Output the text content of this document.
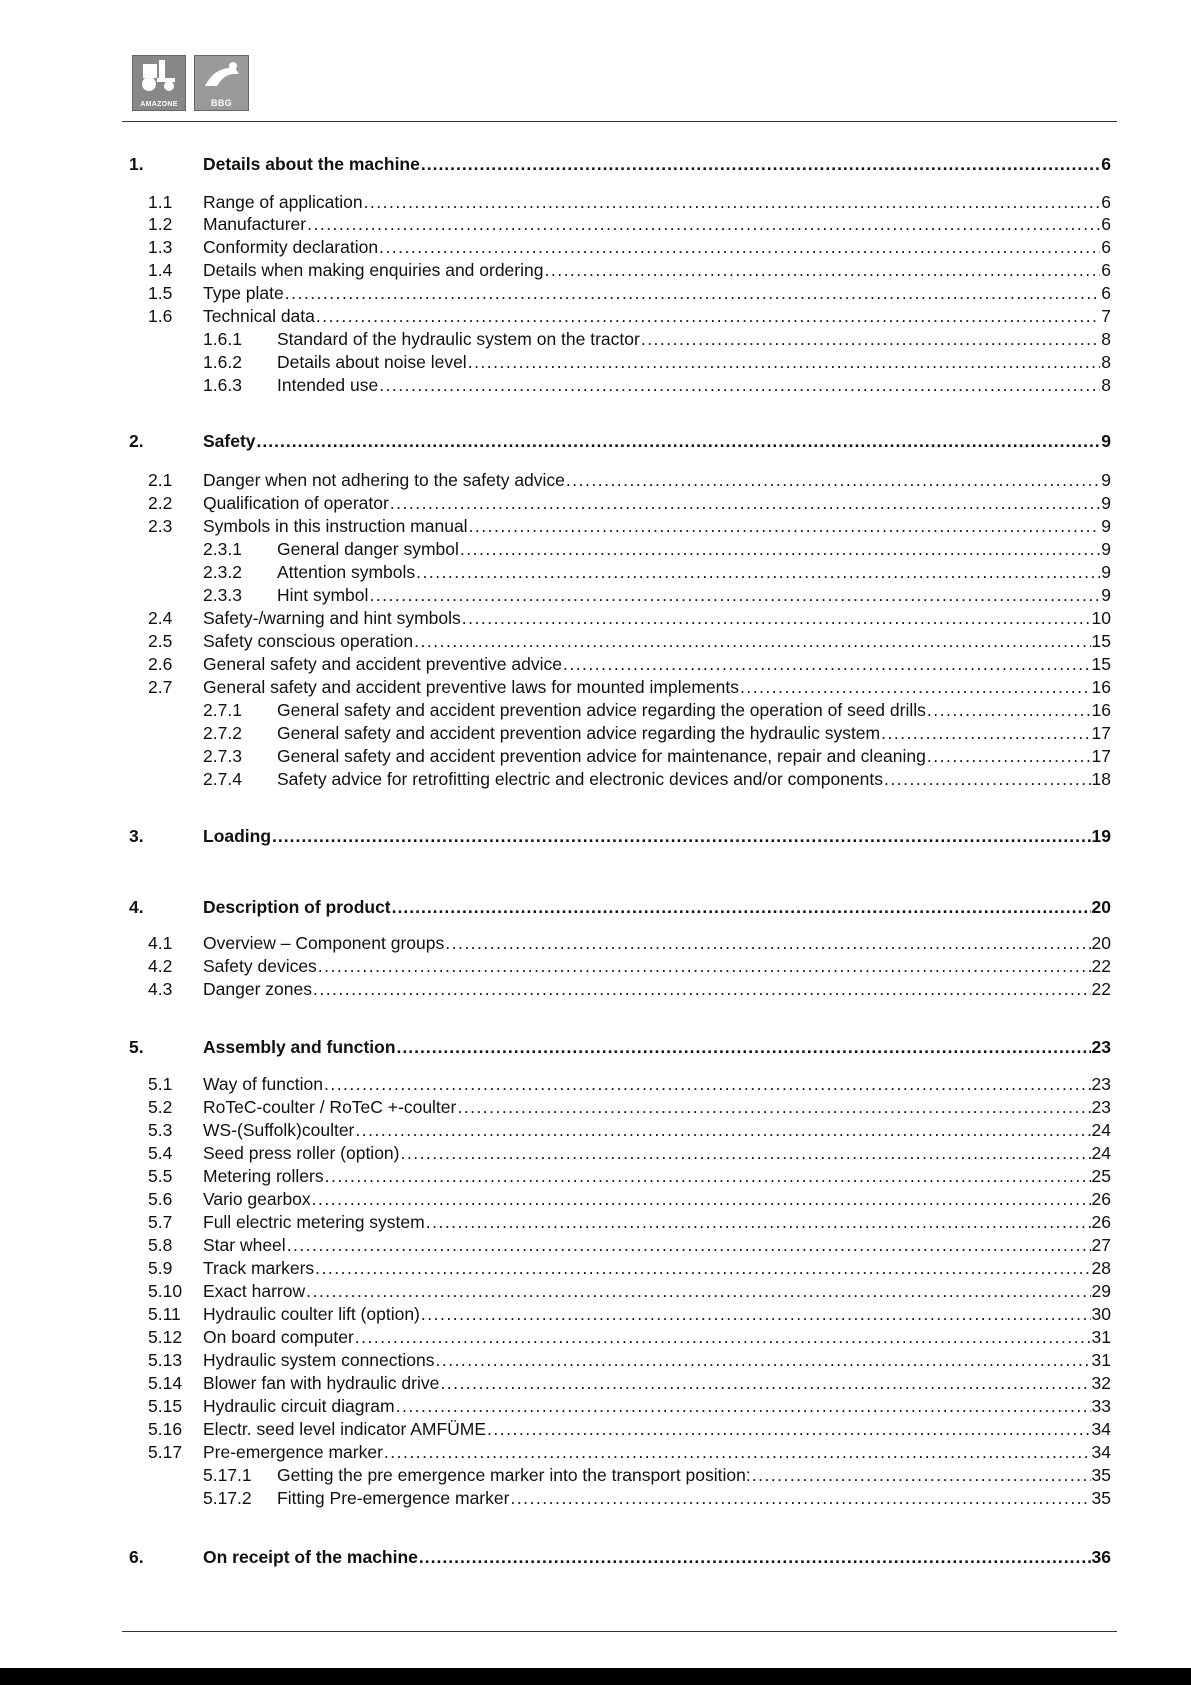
AMAZONE	BBG
1.	Details about the machine .....	6
1.1 Range of application .....	6
1.2 Manufacturer .....	6
1.3 Conformity declaration .....	6
1.4 Details when making enquiries and ordering .....	6
1.5 Type plate .....	6
1.6 Technical data .....	7
1.6.1 Standard of the hydraulic system on the tractor .....	8
1.6.2 Details about noise level .....	8
1.6.3 Intended use .....	8
2.	Safety .....	9
2.1 Danger when not adhering to the safety advice .....	9
2.2 Qualification of operator .....	9
2.3 Symbols in this instruction manual .....	9
2.3.1 General danger symbol .....	9
2.3.2 Attention symbols .....	9
2.3.3 Hint symbol .....	9
2.4 Safety-/warning and hint symbols .....	10
2.5 Safety conscious operation .....	15
2.6 General safety and accident preventive advice .....	15
2.7 General safety and accident preventive laws for mounted implements .....	16
2.7.1 General safety and accident prevention advice regarding the operation of seed drills .....	16
2.7.2 General safety and accident prevention advice regarding the hydraulic system .....	17
2.7.3 General safety and accident prevention advice for maintenance, repair and cleaning .....	17
2.7.4 Safety advice for retrofitting electric and electronic devices and/or components .....	18
3.	Loading .....	19
4.	Description of product .....	20
4.1 Overview – Component groups .....	20
4.2 Safety devices .....	22
4.3 Danger zones .....	22
5.	Assembly and function .....	23
5.1 Way of function .....	23
5.2 RoTeC-coulter / RoTeC +-coulter .....	23
5.3 WS-(Suffolk)coulter .....	24
5.4 Seed press roller (option) .....	24
5.5 Metering rollers .....	25
5.6 Vario gearbox .....	26
5.7 Full electric metering system .....	26
5.8 Star wheel .....	27
5.9 Track markers .....	28
5.10 Exact harrow .....	29
5.11 Hydraulic coulter lift (option) .....	30
5.12 On board computer .....	31
5.13 Hydraulic system connections .....	31
5.14 Blower fan with hydraulic drive .....	32
5.15 Hydraulic circuit diagram .....	33
5.16 Electr. seed level indicator AMFÜME .....	34
5.17 Pre-emergence marker .....	34
5.17.1 Getting the pre emergence marker into the transport position: .....	35
5.17.2 Fitting Pre-emergence marker .....	35
6.	On receipt of the machine .....	36
